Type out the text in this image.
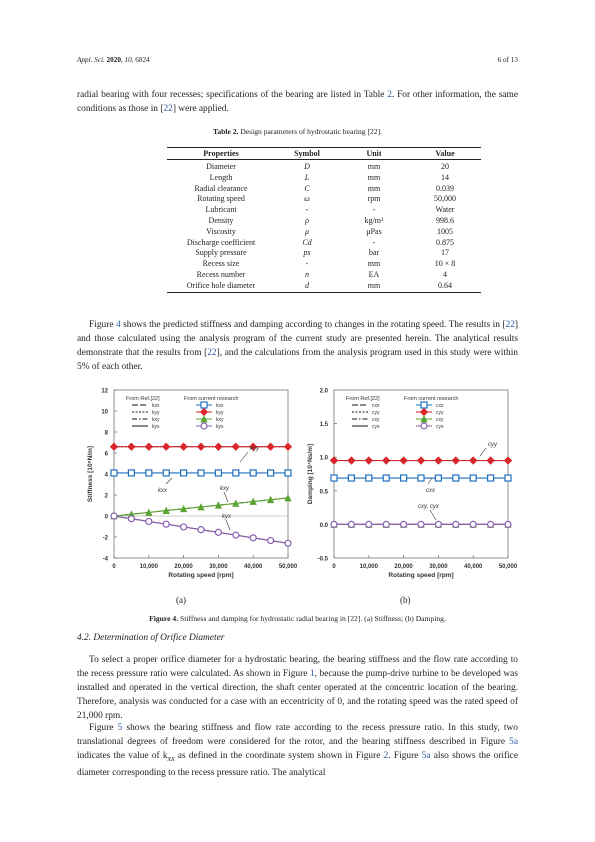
Appl. Sci. 2020, 10, 6824	6 of 13

radial bearing with four recesses; specifications of the bearing are listed in Table 2. For other information, the same conditions as those in [22] were applied.

Table 2. Design parameters of hydrostatic bearing [22].
Properties	Symbol	Unit	Value
Diameter	D	mm	20
Length	L	mm	14
Radial clearance	C	mm	0.039
Rotating speed	ω	rpm	50,000
Lubricant	-	-	Water
Density	ρ	kg/m³	998.6
Viscosity	μ	μPas	1005
Discharge coefficient	Cd	-	0.875
Supply pressure	ps	bar	17
Recess size	-	mm	10 × 8
Recess number	n	EA	4
Orifice hole diameter	d	mm	0.64

Figure 4 shows the predicted stiffness and damping according to changes in the rotating speed. The results in [22] and those calculated using the analysis program of the current study are presented herein. The analytical results demonstrate that the results from [22], and the calculations from the analysis program used in this study were within 5% of each other.

12
10
8
6
4
2
0
-2
-4
0	10,000	20,000	30,000	40,000	50,000
Rotating speed [rpm]
Stiffness [10⁸N/m]
From Ref.[22]	From current research
kxx
kyy
kxy
kyx
kxx
kyy
kxy
kyx
kyy
kxx	kxy
kyx
2.0
1.5
1.0
0.5
0.0
-0.5
0	10,000	20,000	30,000	40,000	50,000
Rotating speed [rpm]
Damping [10⁴Ns/m]
From Ref.[22]	From current research
cxx
cyy
cxy
cyx
cxx
cyy
cxy
cyx
cyy
cxx
cxy, cyx
(a)	(b)
Figure 4. Stiffness and damping for hydrostatic radial bearing in [22]. (a) Stiffness; (b) Damping.
4.2. Determination of Orifice Diameter

To select a proper orifice diameter for a hydrostatic bearing, the bearing stiffness and the flow rate according to the recess pressure ratio were calculated. As shown in Figure 1, because the pump-drive turbine to be developed was installed and operated in the vertical direction, the shaft center operated at the concentric location of the bearing. Therefore, analysis was conducted for a case with an eccentricity of 0, and the rotating speed was the rated speed of 21,000 rpm.

Figure 5 shows the bearing stiffness and flow rate according to the recess pressure ratio. In this study, two translational degrees of freedom were considered for the rotor, and the bearing stiffness described in Figure 5a indicates the value of $k_{xx}$ as defined in the coordinate system shown in Figure 2. Figure 5a also shows the orifice diameter corresponding to the recess pressure ratio. The analytical
